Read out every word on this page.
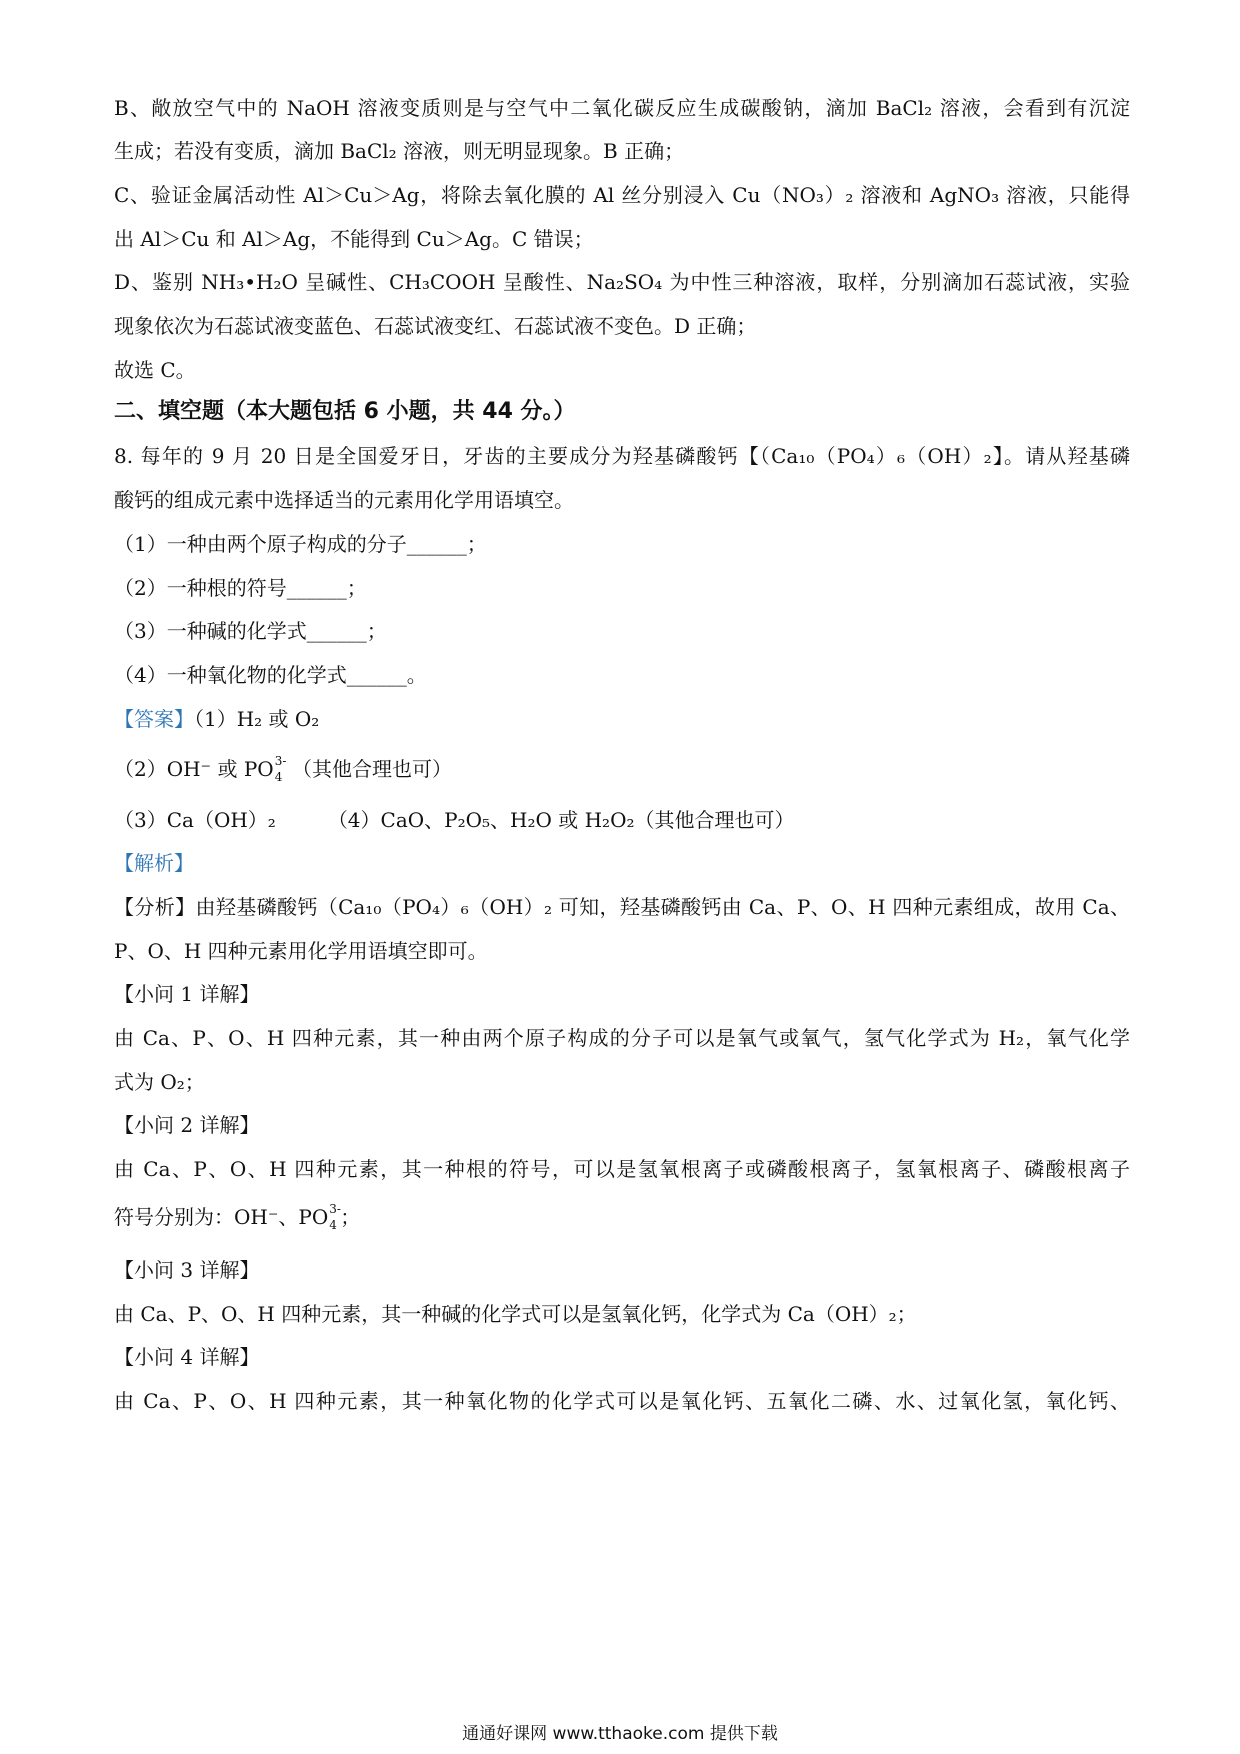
B、敞放空气中的 NaOH 溶液变质则是与空气中二氧化碳反应生成碳酸钠，滴加 BaCl₂ 溶液，会看到有沉淀
生成；若没有变质，滴加 BaCl₂ 溶液，则无明显现象。B 正确；
C、验证金属活动性 Al＞Cu＞Ag，将除去氧化膜的 Al 丝分别浸入 Cu（NO₃）₂ 溶液和 AgNO₃ 溶液，只能得
出 Al＞Cu 和 Al＞Ag，不能得到 Cu＞Ag。C 错误；
D、鉴别 NH₃•H₂O 呈碱性、CH₃COOH 呈酸性、Na₂SO₄ 为中性三种溶液，取样，分别滴加石蕊试液，实验
现象依次为石蕊试液变蓝色、石蕊试液变红、石蕊试液不变色。D 正确；
故选 C。
二、填空题（本大题包括 6 小题，共 44 分。）
8. 每年的 9 月 20 日是全国爱牙日，牙齿的主要成分为羟基磷酸钙【（Ca₁₀（PO₄）₆（OH）₂】。请从羟基磷
酸钙的组成元素中选择适当的元素用化学用语填空。
（1）一种由两个原子构成的分子______；
（2）一种根的符号______；
（3）一种碱的化学式______；
（4）一种氧化物的化学式______。
【答案】（1）H₂ 或 O₂
（2）OH⁻ 或 PO 3-
4 （其他合理也可）
（3）Ca（OH）₂	（4）CaO、P₂O₅、H₂O 或 H₂O₂（其他合理也可）
【解析】
【分析】由羟基磷酸钙（Ca₁₀（PO₄）₆（OH）₂ 可知，羟基磷酸钙由 Ca、P、O、H 四种元素组成，故用 Ca、
P、O、H 四种元素用化学用语填空即可。
【小问 1 详解】
由 Ca、P、O、H 四种元素，其一种由两个原子构成的分子可以是氧气或氧气，氢气化学式为 H₂，氧气化学
式为 O₂；
【小问 2 详解】
由 Ca、P、O、H 四种元素，其一种根的符号，可以是氢氧根离子或磷酸根离子，氢氧根离子、磷酸根离子
符号分别为：OH⁻、PO 3-
4 ；
【小问 3 详解】
由 Ca、P、O、H 四种元素，其一种碱的化学式可以是氢氧化钙，化学式为 Ca（OH）₂；
【小问 4 详解】
由 Ca、P、O、H 四种元素，其一种氧化物的化学式可以是氧化钙、五氧化二磷、水、过氧化氢，氧化钙、
通通好课网 www.tthaoke.com 提供下载
